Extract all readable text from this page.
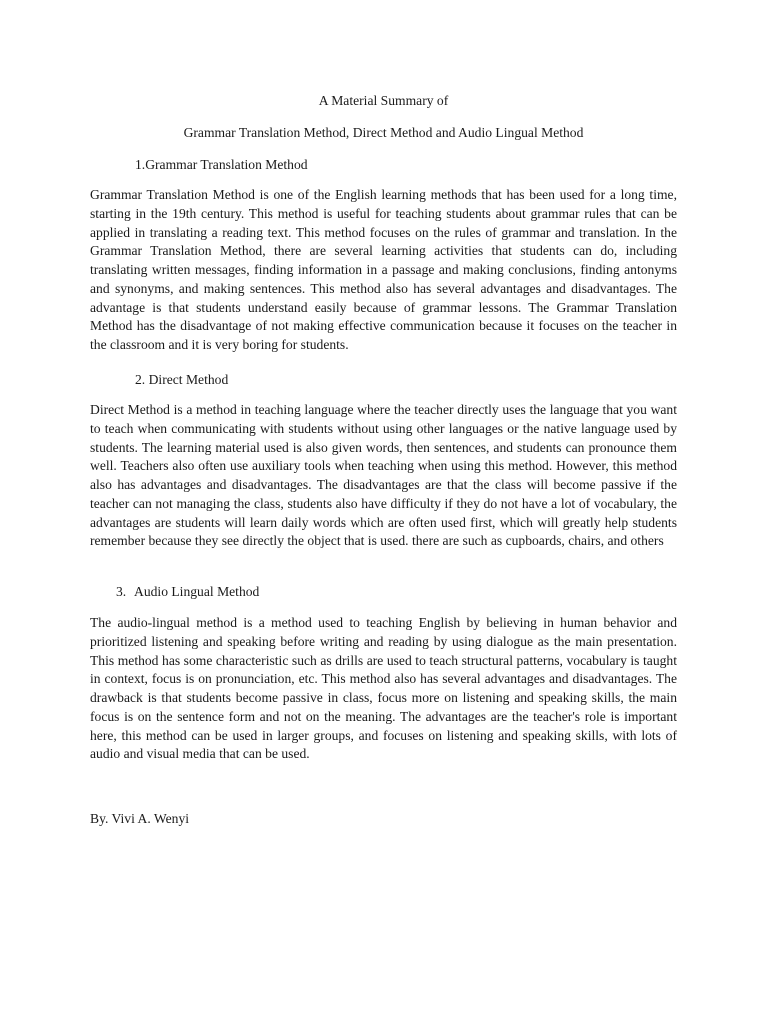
A Material Summary of
Grammar Translation Method, Direct Method and Audio Lingual Method
1.Grammar Translation Method

Grammar Translation Method is one of the English learning methods that has been used for a long time, starting in the 19th century. This method is useful for teaching students about grammar rules that can be applied in translating a reading text. This method focuses on the rules of grammar and translation. In the Grammar Translation Method, there are several learning activities that students can do, including translating written messages, finding information in a passage and making conclusions, finding antonyms and synonyms, and making sentences. This method also has several advantages and disadvantages. The advantage is that students understand easily because of grammar lessons. The Grammar Translation Method has the disadvantage of not making effective communication because it focuses on the teacher in the classroom and it is very boring for students.

2. Direct Method

Direct Method is a method in teaching language where the teacher directly uses the language that you want to teach when communicating with students without using other languages or the native language used by students. The learning material used is also given words, then sentences, and students can pronounce them well. Teachers also often use auxiliary tools when teaching when using this method. However, this method also has advantages and disadvantages. The disadvantages are that the class will become passive if the teacher can not managing the class, students also have difficulty if they do not have a lot of vocabulary, the advantages are students will learn daily words which are often used first, which will greatly help students remember because they see directly the object that is used. there are such as cupboards, chairs, and others

3. Audio Lingual Method

The audio-lingual method is a method used to teaching English by believing in human behavior and prioritized listening and speaking before writing and reading by using dialogue as the main presentation. This method has some characteristic such as drills are used to teach structural patterns, vocabulary is taught in context, focus is on pronunciation, etc. This method also has several advantages and disadvantages. The drawback is that students become passive in class, focus more on listening and speaking skills, the main focus is on the sentence form and not on the meaning. The advantages are the teacher's role is important here, this method can be used in larger groups, and focuses on listening and speaking skills, with lots of audio and visual media that can be used.

By. Vivi A. Wenyi
